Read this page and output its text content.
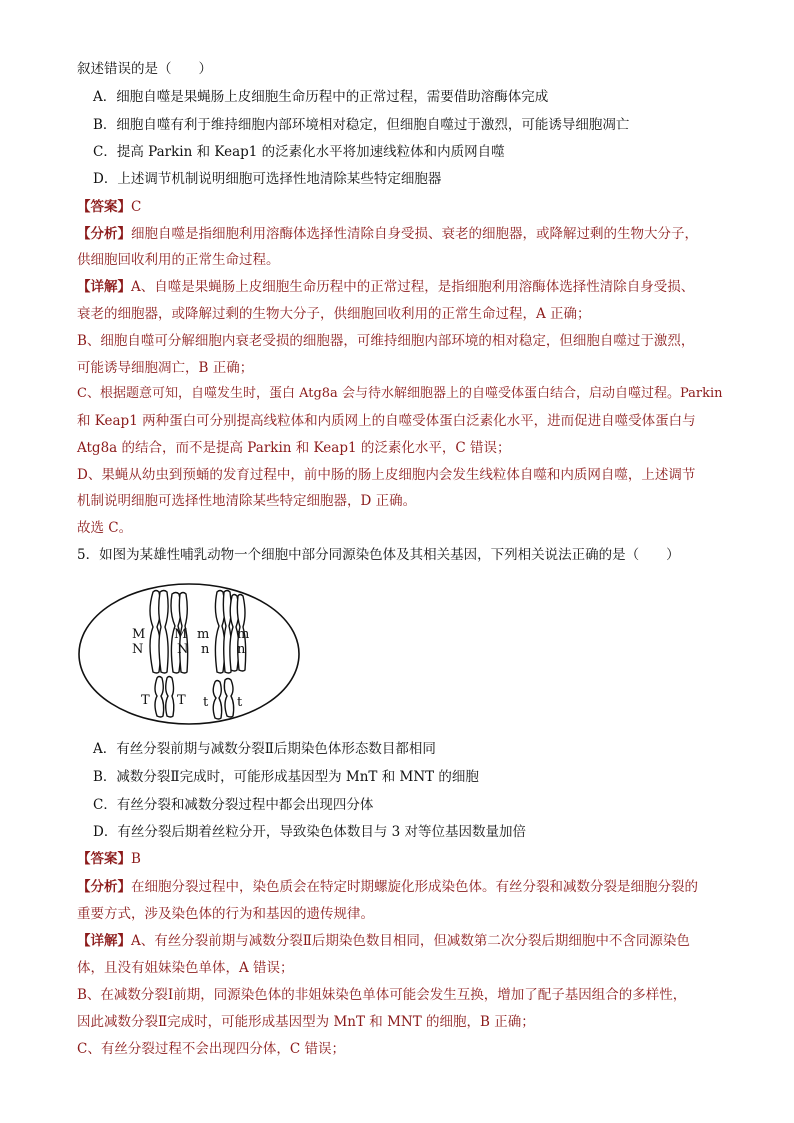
叙述错误的是（　　）
A．细胞自噬是果蝇肠上皮细胞生命历程中的正常过程，需要借助溶酶体完成
B．细胞自噬有利于维持细胞内部环境相对稳定，但细胞自噬过于激烈，可能诱导细胞凋亡
C．提高 Parkin 和 Keap1 的泛素化水平将加速线粒体和内质网自噬
D．上述调节机制说明细胞可选择性地清除某些特定细胞器
【答案】C
【分析】细胞自噬是指细胞利用溶酶体选择性清除自身受损、衰老的细胞器，或降解过剩的生物大分子，
供细胞回收利用的正常生命过程。
【详解】A、自噬是果蝇肠上皮细胞生命历程中的正常过程，是指细胞利用溶酶体选择性清除自身受损、
衰老的细胞器，或降解过剩的生物大分子，供细胞回收利用的正常生命过程，A 正确；
B、细胞自噬可分解细胞内衰老受损的细胞器，可维持细胞内部环境的相对稳定，但细胞自噬过于激烈，
可能诱导细胞凋亡，B 正确；
C、根据题意可知，自噬发生时，蛋白 Atg8a 会与待水解细胞器上的自噬受体蛋白结合，启动自噬过程。Parkin
和 Keap1 两种蛋白可分别提高线粒体和内质网上的自噬受体蛋白泛素化水平，进而促进自噬受体蛋白与
Atg8a 的结合，而不是提高 Parkin 和 Keap1 的泛素化水平，C 错误；
D、果蝇从幼虫到预蛹的发育过程中，前中肠的肠上皮细胞内会发生线粒体自噬和内质网自噬，上述调节
机制说明细胞可选择性地清除某些特定细胞器，D 正确。
故选 C。
5．如图为某雄性哺乳动物一个细胞中部分同源染色体及其相关基因，下列相关说法正确的是（　　）
M M
N	N
m m
n n
T T t t
A．有丝分裂前期与减数分裂Ⅱ后期染色体形态数目都相同
B．减数分裂Ⅱ完成时，可能形成基因型为 MnT 和 MNT 的细胞
C．有丝分裂和减数分裂过程中都会出现四分体
D．有丝分裂后期着丝粒分开，导致染色体数目与 3 对等位基因数量加倍
【答案】B
【分析】在细胞分裂过程中，染色质会在特定时期螺旋化形成染色体。有丝分裂和减数分裂是细胞分裂的
重要方式，涉及染色体的行为和基因的遗传规律。
【详解】A、有丝分裂前期与减数分裂Ⅱ后期染色数目相同，但减数第二次分裂后期细胞中不含同源染色
体，且没有姐妹染色单体，A 错误；
B、在减数分裂Ⅰ前期，同源染色体的非姐妹染色单体可能会发生互换，增加了配子基因组合的多样性，
因此减数分裂Ⅱ完成时，可能形成基因型为 MnT 和 MNT 的细胞，B 正确；
C、有丝分裂过程不会出现四分体，C 错误；
